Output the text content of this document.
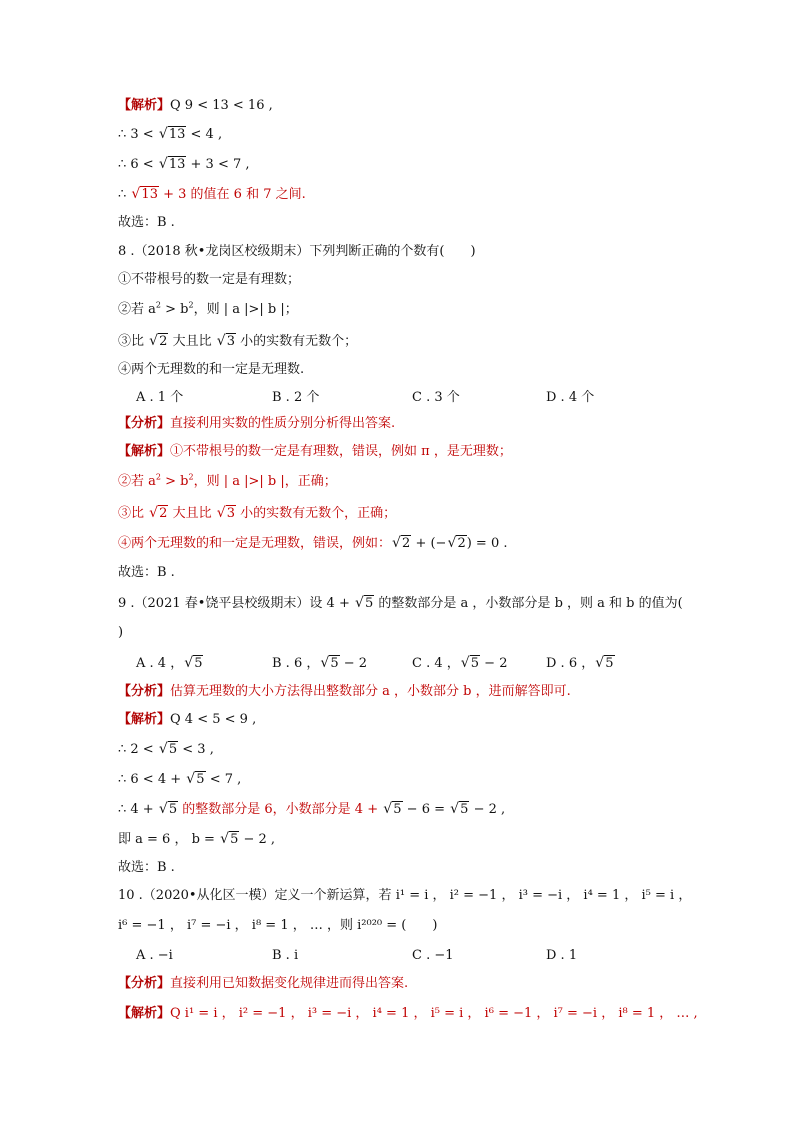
【解析】Q 9 < 13 < 16 ,
∴ 3 < √ 13 < 4 ,
∴ 6 < √ 13 + 3 < 7 ,
∴ √ 13 + 3 的值在 6 和 7 之间.
故选：B .
8 .（2018 秋•龙岗区校级期末）下列判断正确的个数有(　　)
①不带根号的数一定是有理数；
②若 $a^2 > b^2$，则 | a |>| b |；
③比 √ 2 大且比 √ 3 小的实数有无数个；
④两个无理数的和一定是无理数.
A . 1 个	B . 2 个	C . 3 个	D . 4 个
【分析】直接利用实数的性质分别分析得出答案.
【解析】①不带根号的数一定是有理数，错误，例如 π ，是无理数；
②若 $a^2 > b^2$，则 | a |>| b |，正确；
③比 √ 2 大且比 √ 3 小的实数有无数个，正确；
④两个无理数的和一定是无理数，错误，例如： √ 2 + (− √ 2) = 0 .
故选：B .
9 .（2021 春•饶平县校级期末）设 4 + √ 5 的整数部分是 a ，小数部分是 b ，则 a 和 b 的值为(
)
A . 4 ， √ 5	B . 6 ， √ 5 − 2	C . 4 ， √ 5 − 2	D . 6 ， √ 5
【分析】估算无理数的大小方法得出整数部分 a ，小数部分 b ，进而解答即可.
【解析】Q 4 < 5 < 9 ,
∴ 2 < √ 5 < 3 ,
∴ 6 < 4 + √ 5 < 7 ,
∴ 4 + √ 5 的整数部分是 6，小数部分是 4 + √ 5 − 6 = √ 5 − 2 ,
即 a = 6 ， b = √ 5 − 2 ,
故选：B .
10 .（2020•从化区一模）定义一个新运算，若 i¹ = i ， i² = −1 ， i³ = −i ， i⁴ = 1 ， i⁵ = i ，
i⁶ = −1 ， i⁷ = −i ， i⁸ = 1 ， … ，则 i²⁰²⁰ = (　　)
A . −i	B . i	C . −1	D . 1
【分析】直接利用已知数据变化规律进而得出答案.
【解析】Q i¹ = i ， i² = −1 ， i³ = −i ， i⁴ = 1 ， i⁵ = i ， i⁶ = −1 ， i⁷ = −i ， i⁸ = 1 ， … ,
